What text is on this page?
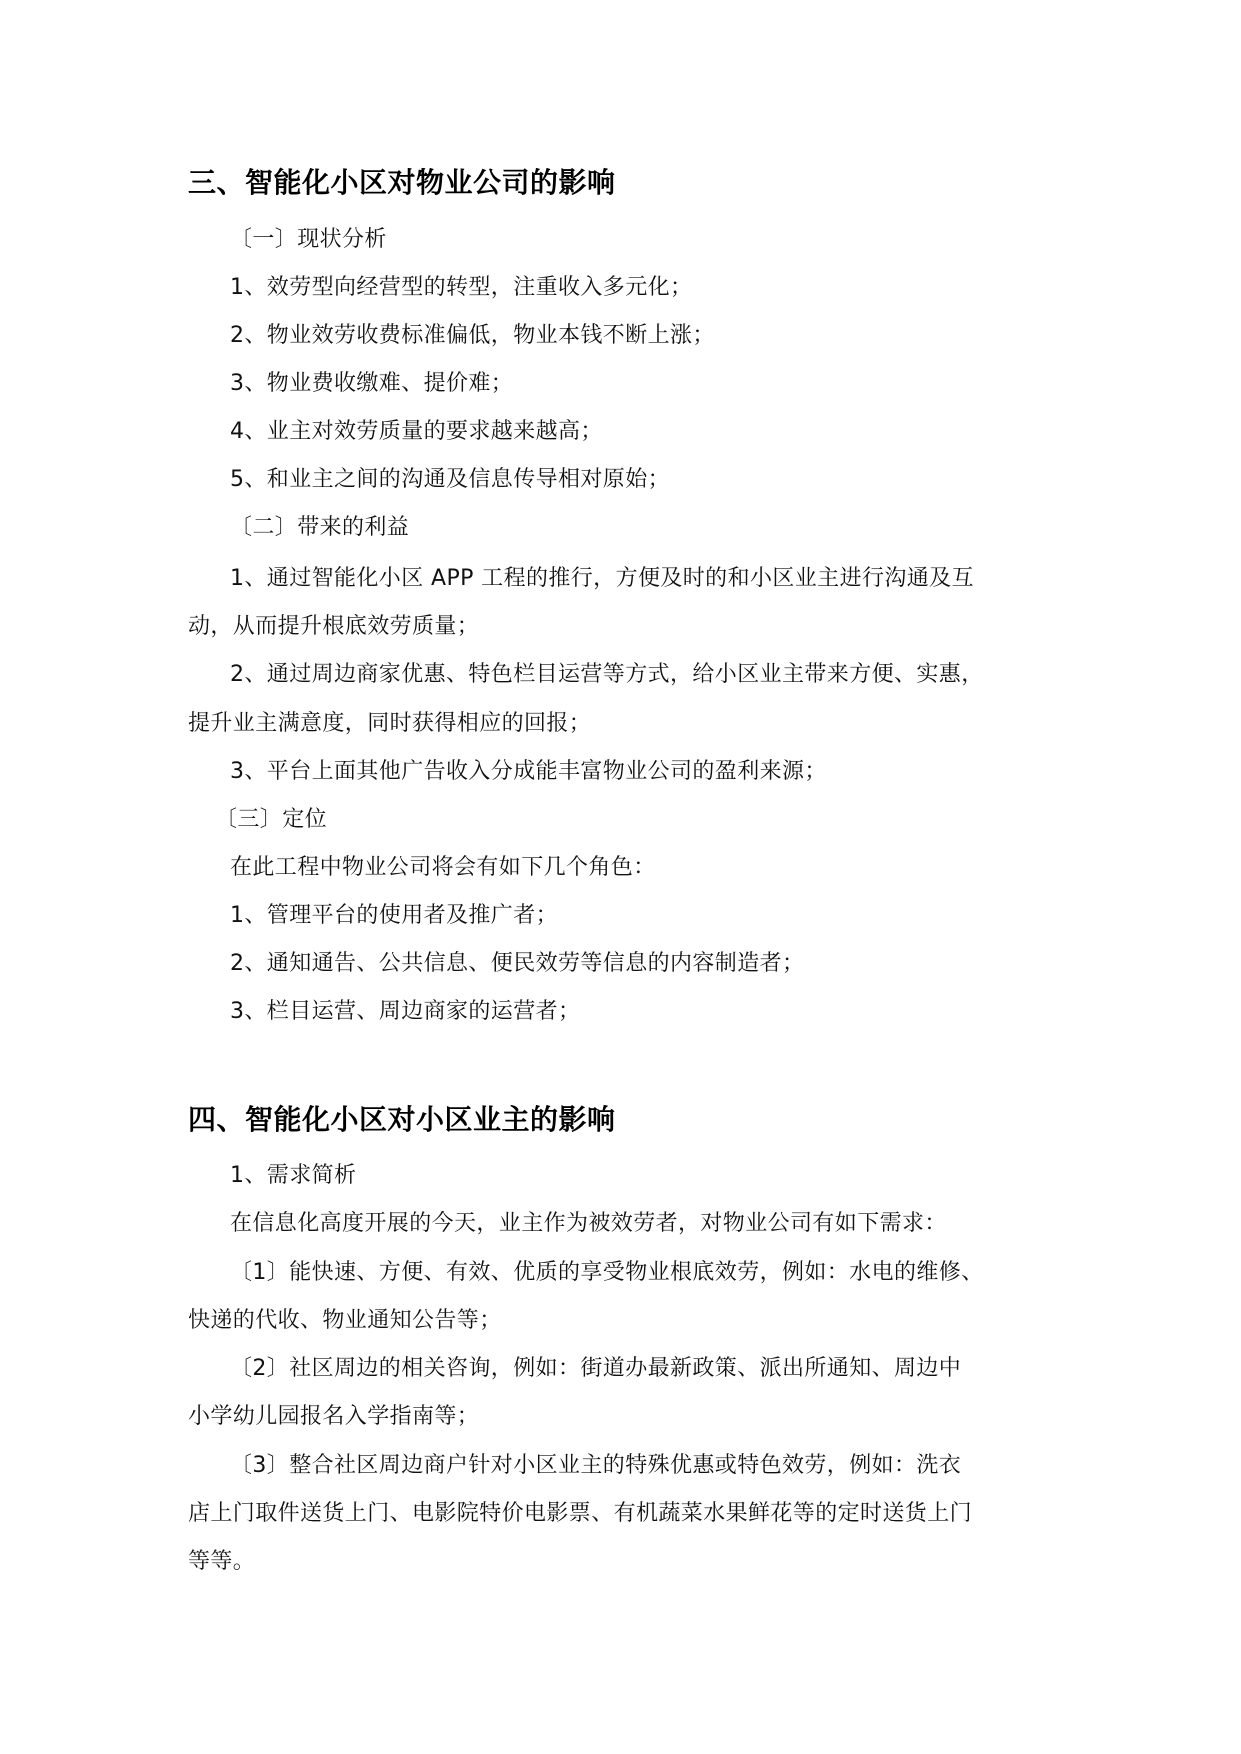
三、智能化小区对物业公司的影响
〔一〕现状分析
1、效劳型向经营型的转型，注重收入多元化；
2、物业效劳收费标准偏低，物业本钱不断上涨；
3、物业费收缴难、提价难；
4、业主对效劳质量的要求越来越高；
5、和业主之间的沟通及信息传导相对原始；
〔二〕带来的利益
1、通过智能化小区 APP 工程的推行，方便及时的和小区业主进行沟通及互
动，从而提升根底效劳质量；
2、通过周边商家优惠、特色栏目运营等方式，给小区业主带来方便、实惠，
提升业主满意度，同时获得相应的回报；
3、平台上面其他广告收入分成能丰富物业公司的盈利来源；
〔三〕定位
在此工程中物业公司将会有如下几个角色：
1、管理平台的使用者及推广者；
2、通知通告、公共信息、便民效劳等信息的内容制造者；
3、栏目运营、周边商家的运营者；
四、智能化小区对小区业主的影响
1、需求简析
在信息化高度开展的今天，业主作为被效劳者，对物业公司有如下需求：
〔1〕能快速、方便、有效、优质的享受物业根底效劳，例如：水电的维修、
快递的代收、物业通知公告等；
〔2〕社区周边的相关咨询，例如：街道办最新政策、派出所通知、周边中
小学幼儿园报名入学指南等；
〔3〕整合社区周边商户针对小区业主的特殊优惠或特色效劳，例如：洗衣
店上门取件送货上门、电影院特价电影票、有机蔬菜水果鲜花等的定时送货上门
等等。
